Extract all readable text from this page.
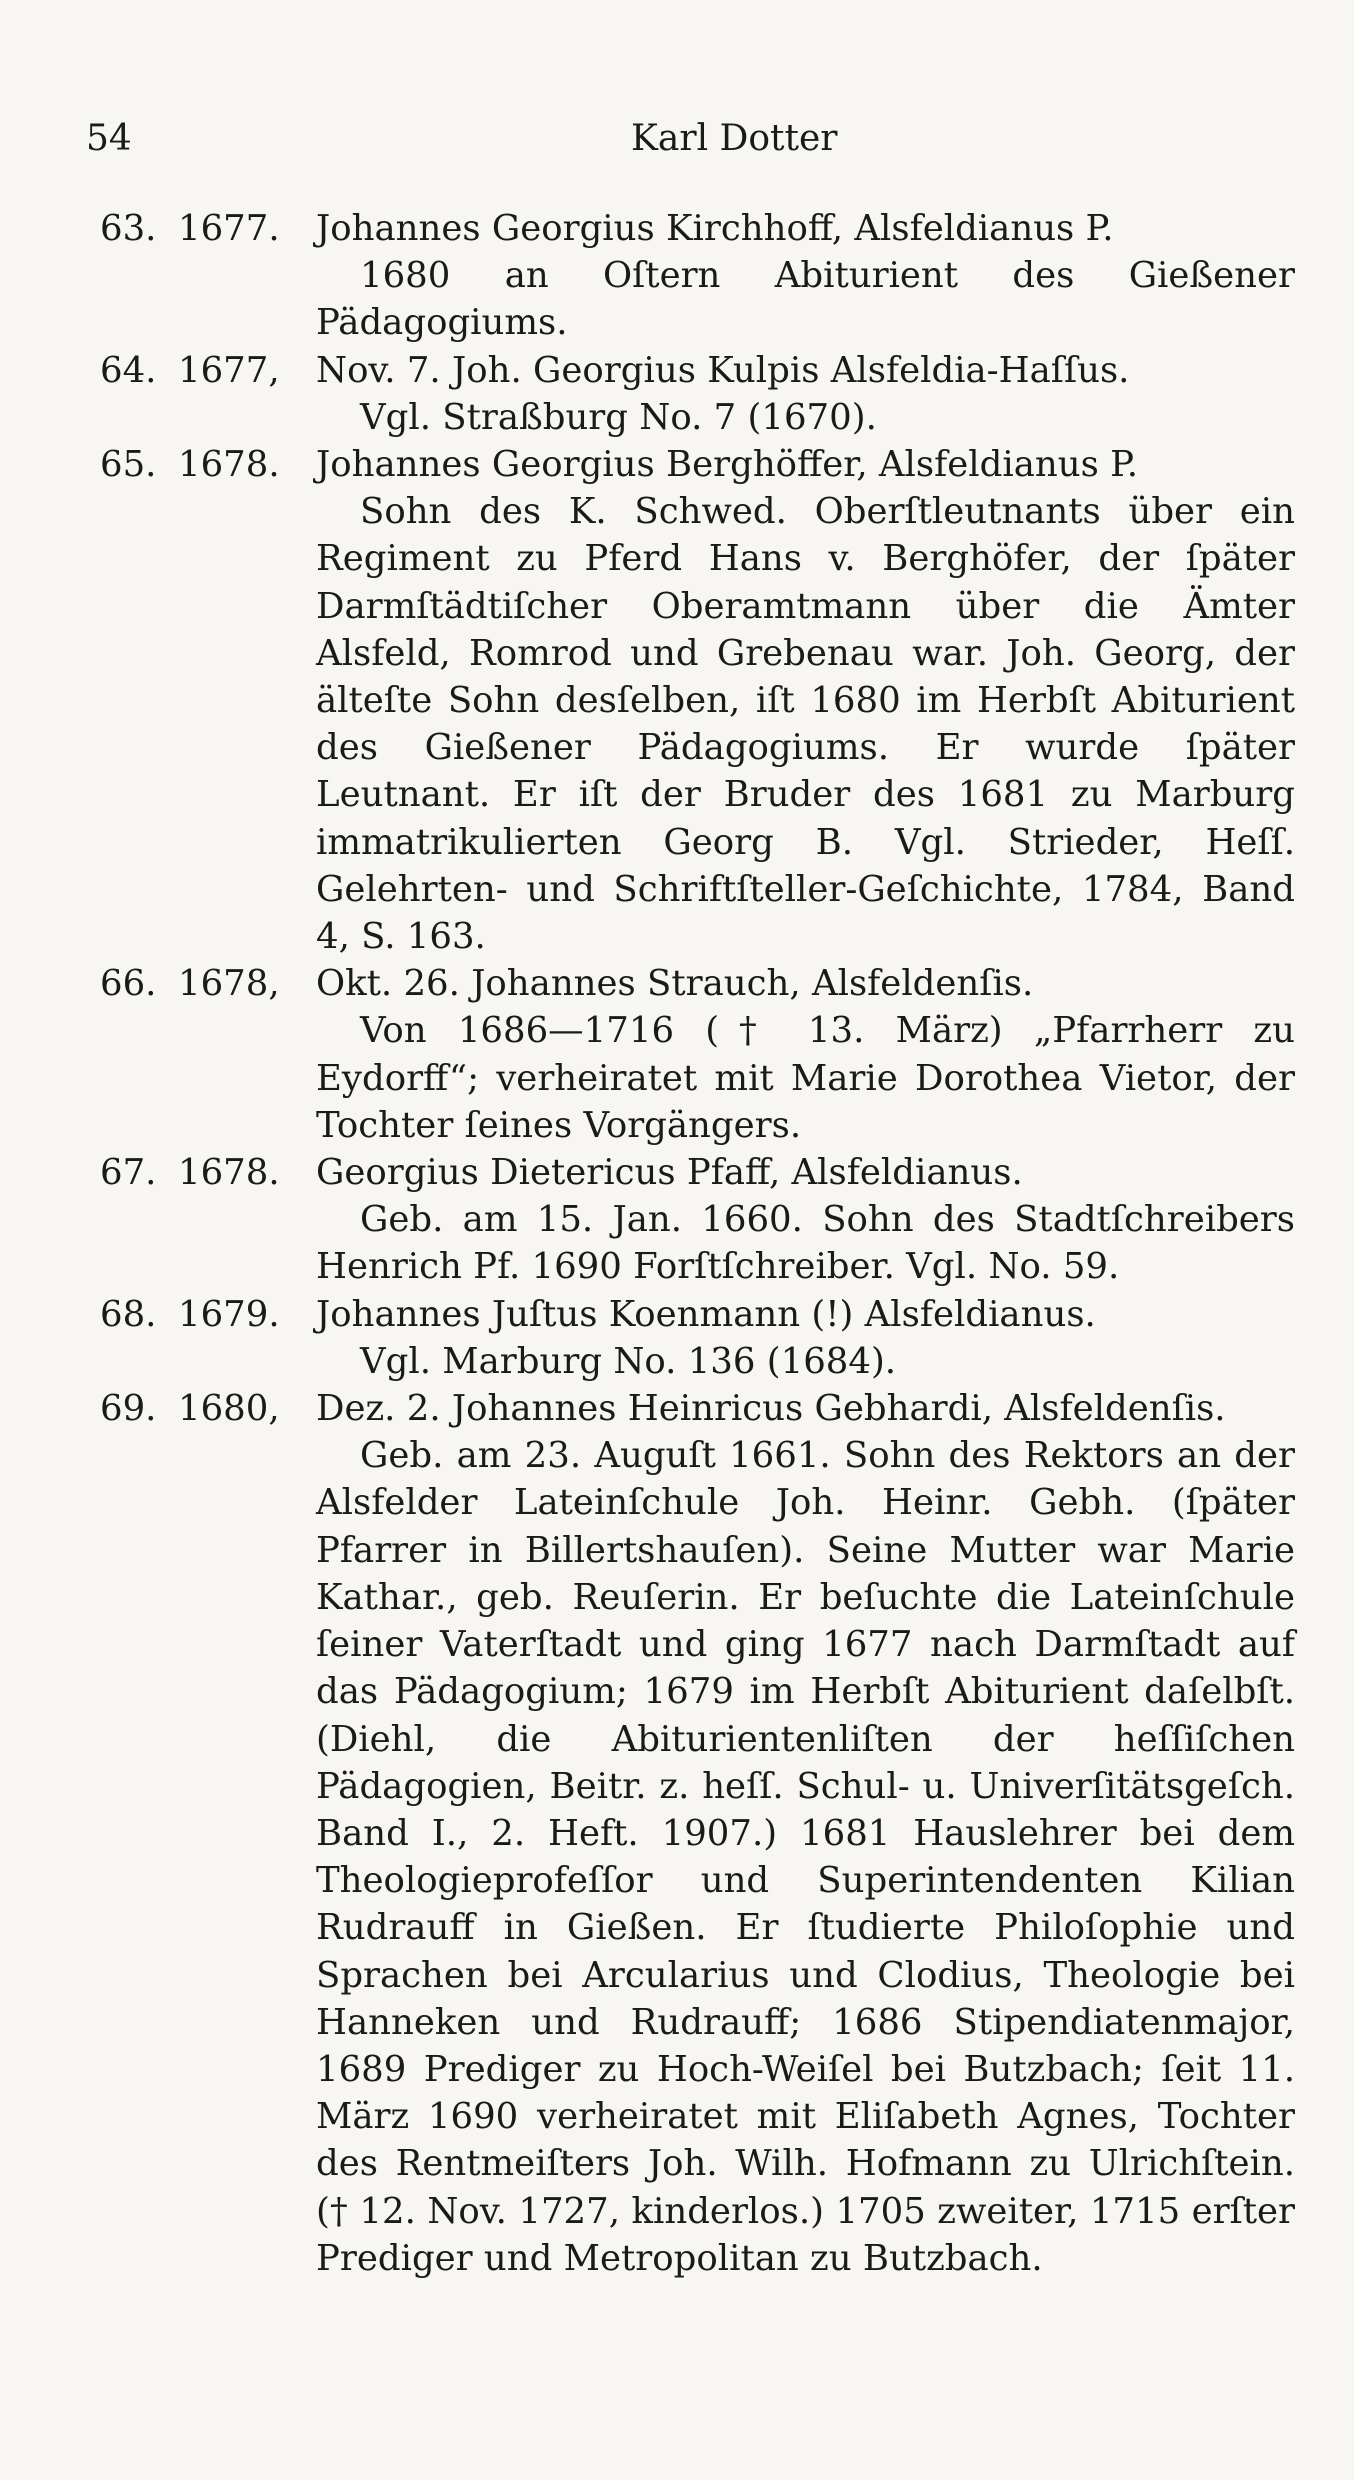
54	Karl Dotter
63. 1677.	Johannes Georgius Kirchhoff, Alsfeldianus P.
1680 an Oſtern Abiturient des Gießener Pädagogiums.
64. 1677,	Nov. 7. Joh. Georgius Kulpis Alsfeldia-Haſſus.
Vgl. Straßburg No. 7 (1670).
65. 1678.	Johannes Georgius Berghöffer, Alsfeldianus P.
Sohn des K. Schwed. Oberſtleutnants über ein Regiment zu Pferd Hans v. Berghöfer, der ſpäter Darmſtädtiſcher Oberamtmann über die Ämter Alsfeld, Romrod und Grebenau war. Joh. Georg, der älteſte Sohn desſelben, iſt 1680 im Herbſt Abiturient des Gießener Pädagogiums. Er wurde ſpäter Leutnant. Er iſt der Bruder des 1681 zu Marburg immatrikulierten Georg B. Vgl. Strieder, Heſſ. Gelehrten- und Schriftſteller-Geſchichte, 1784, Band 4, S. 163.
66. 1678,	Okt. 26. Johannes Strauch, Alsfeldenſis.
Von 1686—1716 († 13. März) „Pfarrherr zu Eydorff“; verheiratet mit Marie Dorothea Vietor, der Tochter ſeines Vorgängers.
67. 1678.	Georgius Dietericus Pfaff, Alsfeldianus.
Geb. am 15. Jan. 1660. Sohn des Stadtſchreibers Henrich Pf. 1690 Forſtſchreiber. Vgl. No. 59.
68. 1679.	Johannes Juſtus Koenmann (!) Alsfeldianus.
Vgl. Marburg No. 136 (1684).
69. 1680,	Dez. 2. Johannes Heinricus Gebhardi, Alsfeldenſis.
Geb. am 23. Auguſt 1661. Sohn des Rektors an der Alsfelder Lateinſchule Joh. Heinr. Gebh. (ſpäter Pfarrer in Billertshauſen). Seine Mutter war Marie Kathar., geb. Reuſerin. Er beſuchte die Lateinſchule ſeiner Vaterſtadt und ging 1677 nach Darmſtadt auf das Pädagogium; 1679 im Herbſt Abiturient daſelbſt. (Diehl, die Abiturientenliſten der heſſiſchen Pädagogien, Beitr. z. heſſ. Schul- u. Univerſitätsgeſch. Band I., 2. Heft. 1907.) 1681 Hauslehrer bei dem Theologieprofeſſor und Superintendenten Kilian Rudrauff in Gießen. Er ſtudierte Philoſophie und Sprachen bei Arcularius und Clodius, Theologie bei Hanneken und Rudrauff; 1686 Stipendiatenmajor, 1689 Prediger zu Hoch-Weiſel bei Butzbach; ſeit 11. März 1690 verheiratet mit Eliſabeth Agnes, Tochter des Rentmeiſters Joh. Wilh. Hofmann zu Ulrichſtein. († 12. Nov. 1727, kinderlos.) 1705 zweiter, 1715 erſter Prediger und Metropolitan zu Butzbach.
